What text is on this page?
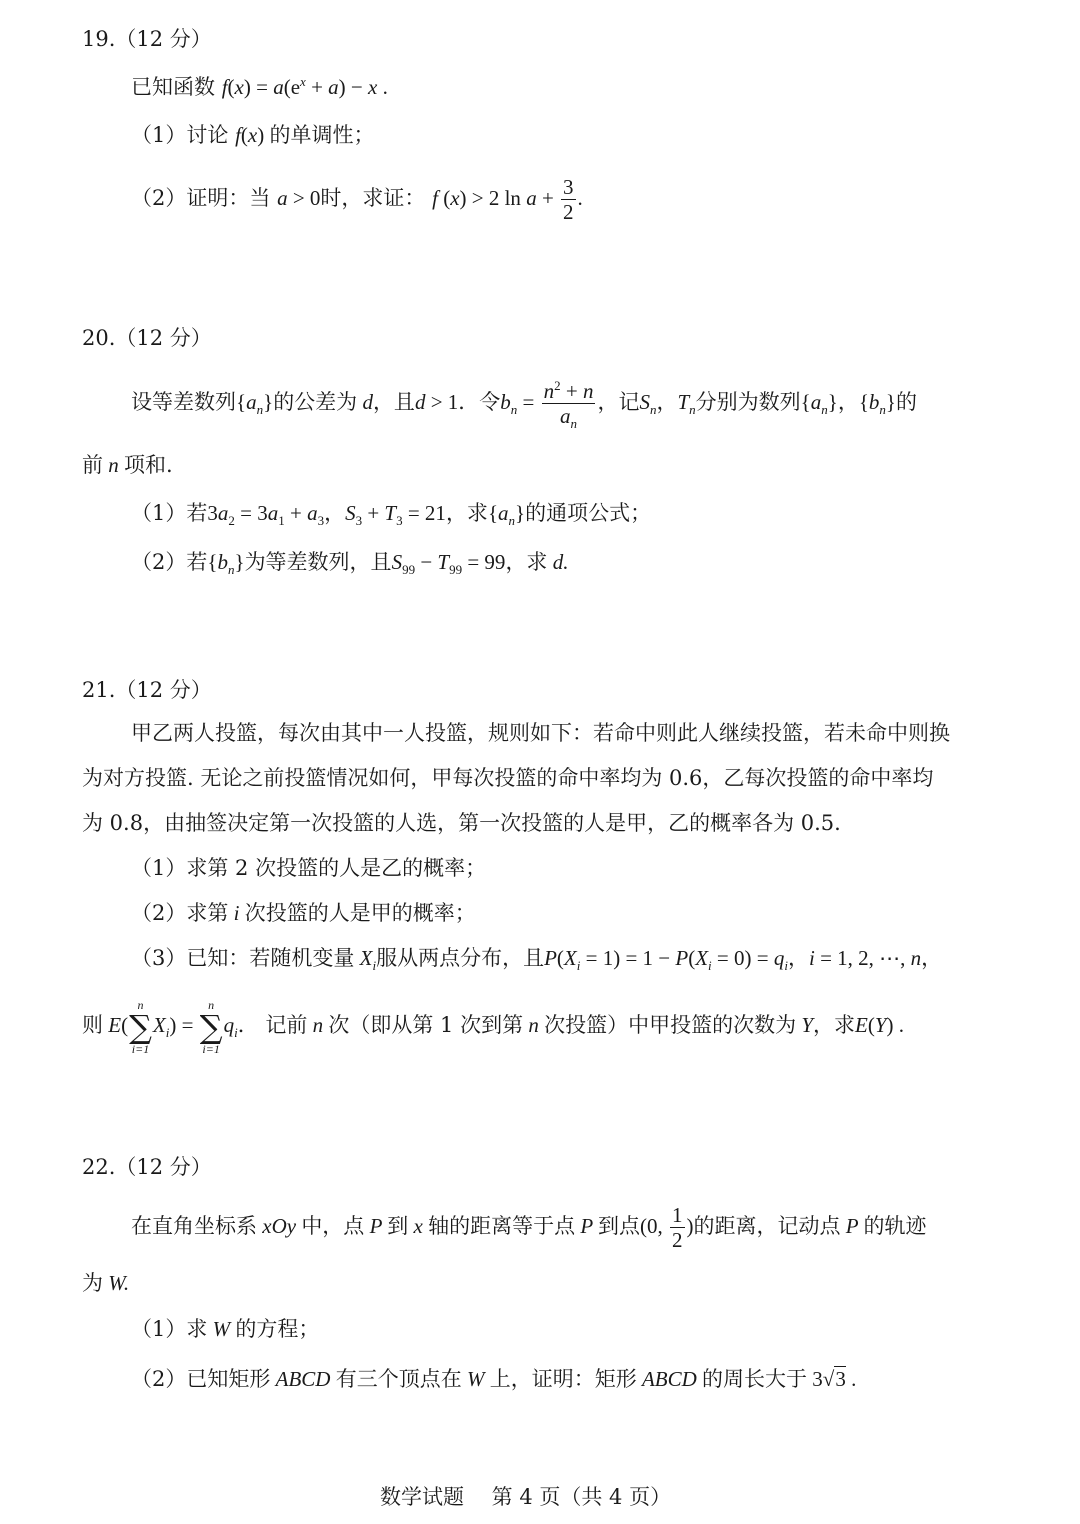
19.（12 分）
已知函数 $f(x) = a(e^x + a) - x$ .
（1）讨论 f(x) 的单调性；
（2）证明：当 a > 0时，求证： f (x) > 2 $\ln a + \frac{3}{2}$ .
20.（12 分）
设等差数列$\{a_n\}$的公差为 d，且d > 1．令$b_n = \frac{n^2 + n}{a_n}$ ，记$S_n$，$T_n$分别为数列$\{a_n\}$，$\{b_n\}$的
前 n 项和.
（1）若$3a_2 = 3a_1 + a_3$，$S_3 + T_3 = 21$，求$\{a_n\}$的通项公式；
（2）若$\{b_n\}$为等差数列，且$S_{99} - T_{99} = 99$，求 d.
21.（12 分）
甲乙两人投篮，每次由其中一人投篮，规则如下：若命中则此人继续投篮，若未命中则换
为对方投篮. 无论之前投篮情况如何，甲每次投篮的命中率均为 0.6，乙每次投篮的命中率均
为 0.8，由抽签决定第一次投篮的人选，第一次投篮的人是甲，乙的概率各为 0.5.
（1）求第 2 次投篮的人是乙的概率；
（2）求第 i 次投篮的人是甲的概率；
（3）已知：若随机变量 $X_i$服从两点分布，且$P(X_i = 1) = 1 - P(X_i = 0) = q_i$，i = 1, 2, ⋯, n，
则 E(
n
∑
i=1
$X_i$) =
n
∑
i=1
$q_i$． 记前 n 次（即从第 1 次到第 n 次投篮）中甲投篮的次数为 Y，求E(Y) .
22.（12 分）
在直角坐标系 xOy 中，点 P 到 x 轴的距离等于点 P 到点(0, $\frac{1}{2}$ )的距离，记动点 P 的轨迹
为 W.
（1）求 W 的方程；
（2）已知矩形 ABCD 有三个顶点在 W 上，证明：矩形 ABCD 的周长大于 3√3 .
数学试题　 第 4 页（共 4 页）
